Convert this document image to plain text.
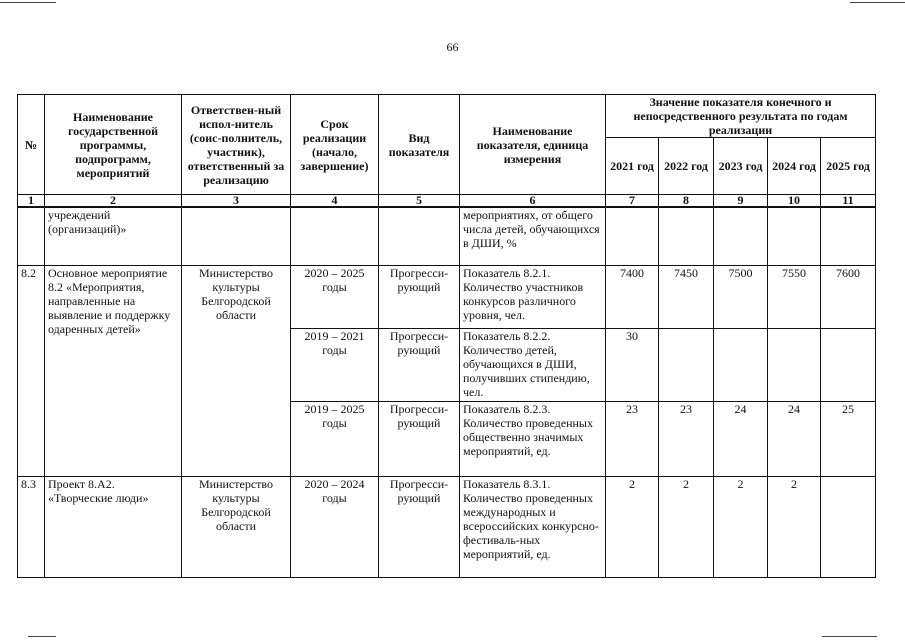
66
№	Наименование государственной программы, подпрограмм, мероприятий	Ответствен-ный испол-нитель (соис-полнитель, участник), ответственный за реализацию	Срок реализации (начало, завершение)	Вид показателя	Наименование показателя, единица измерения	Значение показателя конечного и непосредственного результата по годам реализации				
						2021 год	2022 год	2023 год	2024 год	2025 год
1	2	3	4	5	6	7	8	9	10	11
	учреждений (организаций)»				мероприятиях, от общего числа детей, обучающихся в ДШИ, %					
8.2	Основное мероприятие 8.2 «Мероприятия, направленные на выявление и поддержку одаренных детей»	Министерство культуры Белгородской области	2020 – 2025 годы	Прогресси-рующий	Показатель 8.2.1. Количество участников конкурсов различного уровня, чел.	7400	7450	7500	7550	7600
			2019 – 2021 годы	Прогресси-рующий	Показатель 8.2.2. Количество детей, обучающихся в ДШИ, получивших стипендию, чел.	30				
			2019 – 2025 годы	Прогресси-рующий	Показатель 8.2.3. Количество проведенных общественно значимых мероприятий, ед.	23	23	24	24	25
8.3	Проект 8.А2. «Творческие люди»	Министерство культуры Белгородской области	2020 – 2024 годы	Прогресси-рующий	Показатель 8.3.1. Количество проведенных международных и всероссийских конкурсно-фестиваль-ных мероприятий, ед.	2	2	2	2	
